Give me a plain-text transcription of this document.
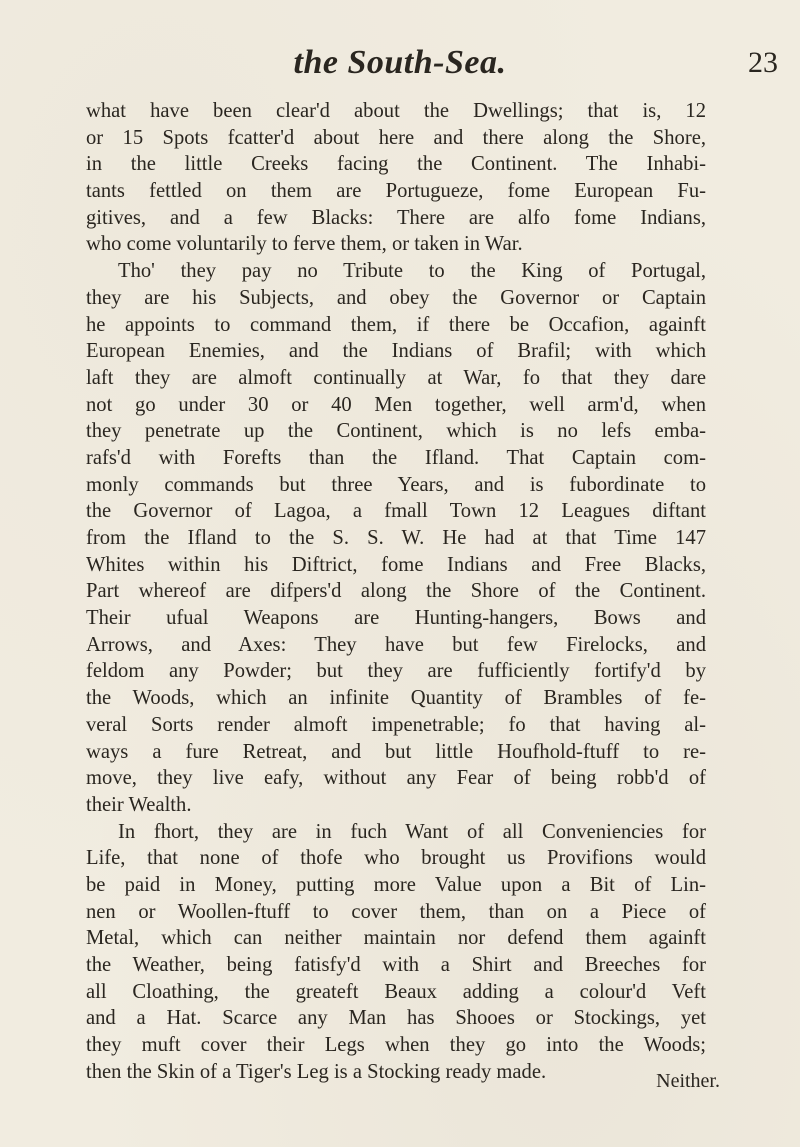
the South-Sea.	23
what have been clear'd about the Dwellings; that is, 12
or 15 Spots fcatter'd about here and there along the Shore,
in the little Creeks facing the Continent. The Inhabi-
tants fettled on them are Portugueze, fome European Fu-
gitives, and a few Blacks: There are alfo fome Indians,
who come voluntarily to ferve them, or taken in War.
Tho' they pay no Tribute to the King of Portugal,
they are his Subjects, and obey the Governor or Captain
he appoints to command them, if there be Occafion, againft
European Enemies, and the Indians of Brafil; with which
laft they are almoft continually at War, fo that they dare
not go under 30 or 40 Men together, well arm'd, when
they penetrate up the Continent, which is no lefs emba-
rafs'd with Forefts than the Ifland. That Captain com-
monly commands but three Years, and is fubordinate to
the Governor of Lagoa, a fmall Town 12 Leagues diftant
from the Ifland to the S. S. W. He had at that Time 147
Whites within his Diftrict, fome Indians and Free Blacks,
Part whereof are difpers'd along the Shore of the Continent.
Their ufual Weapons are Hunting-hangers, Bows and
Arrows, and Axes: They have but few Firelocks, and
feldom any Powder; but they are fufficiently fortify'd by
the Woods, which an infinite Quantity of Brambles of fe-
veral Sorts render almoft impenetrable; fo that having al-
ways a fure Retreat, and but little Houfhold-ftuff to re-
move, they live eafy, without any Fear of being robb'd of
their Wealth.
In fhort, they are in fuch Want of all Conveniencies for
Life, that none of thofe who brought us Provifions would
be paid in Money, putting more Value upon a Bit of Lin-
nen or Woollen-ftuff to cover them, than on a Piece of
Metal, which can neither maintain nor defend them againft
the Weather, being fatisfy'd with a Shirt and Breeches for
all Cloathing, the greateft Beaux adding a colour'd Veft
and a Hat. Scarce any Man has Shooes or Stockings, yet
they muft cover their Legs when they go into the Woods;
then the Skin of a Tiger's Leg is a Stocking ready made.	Neither.
